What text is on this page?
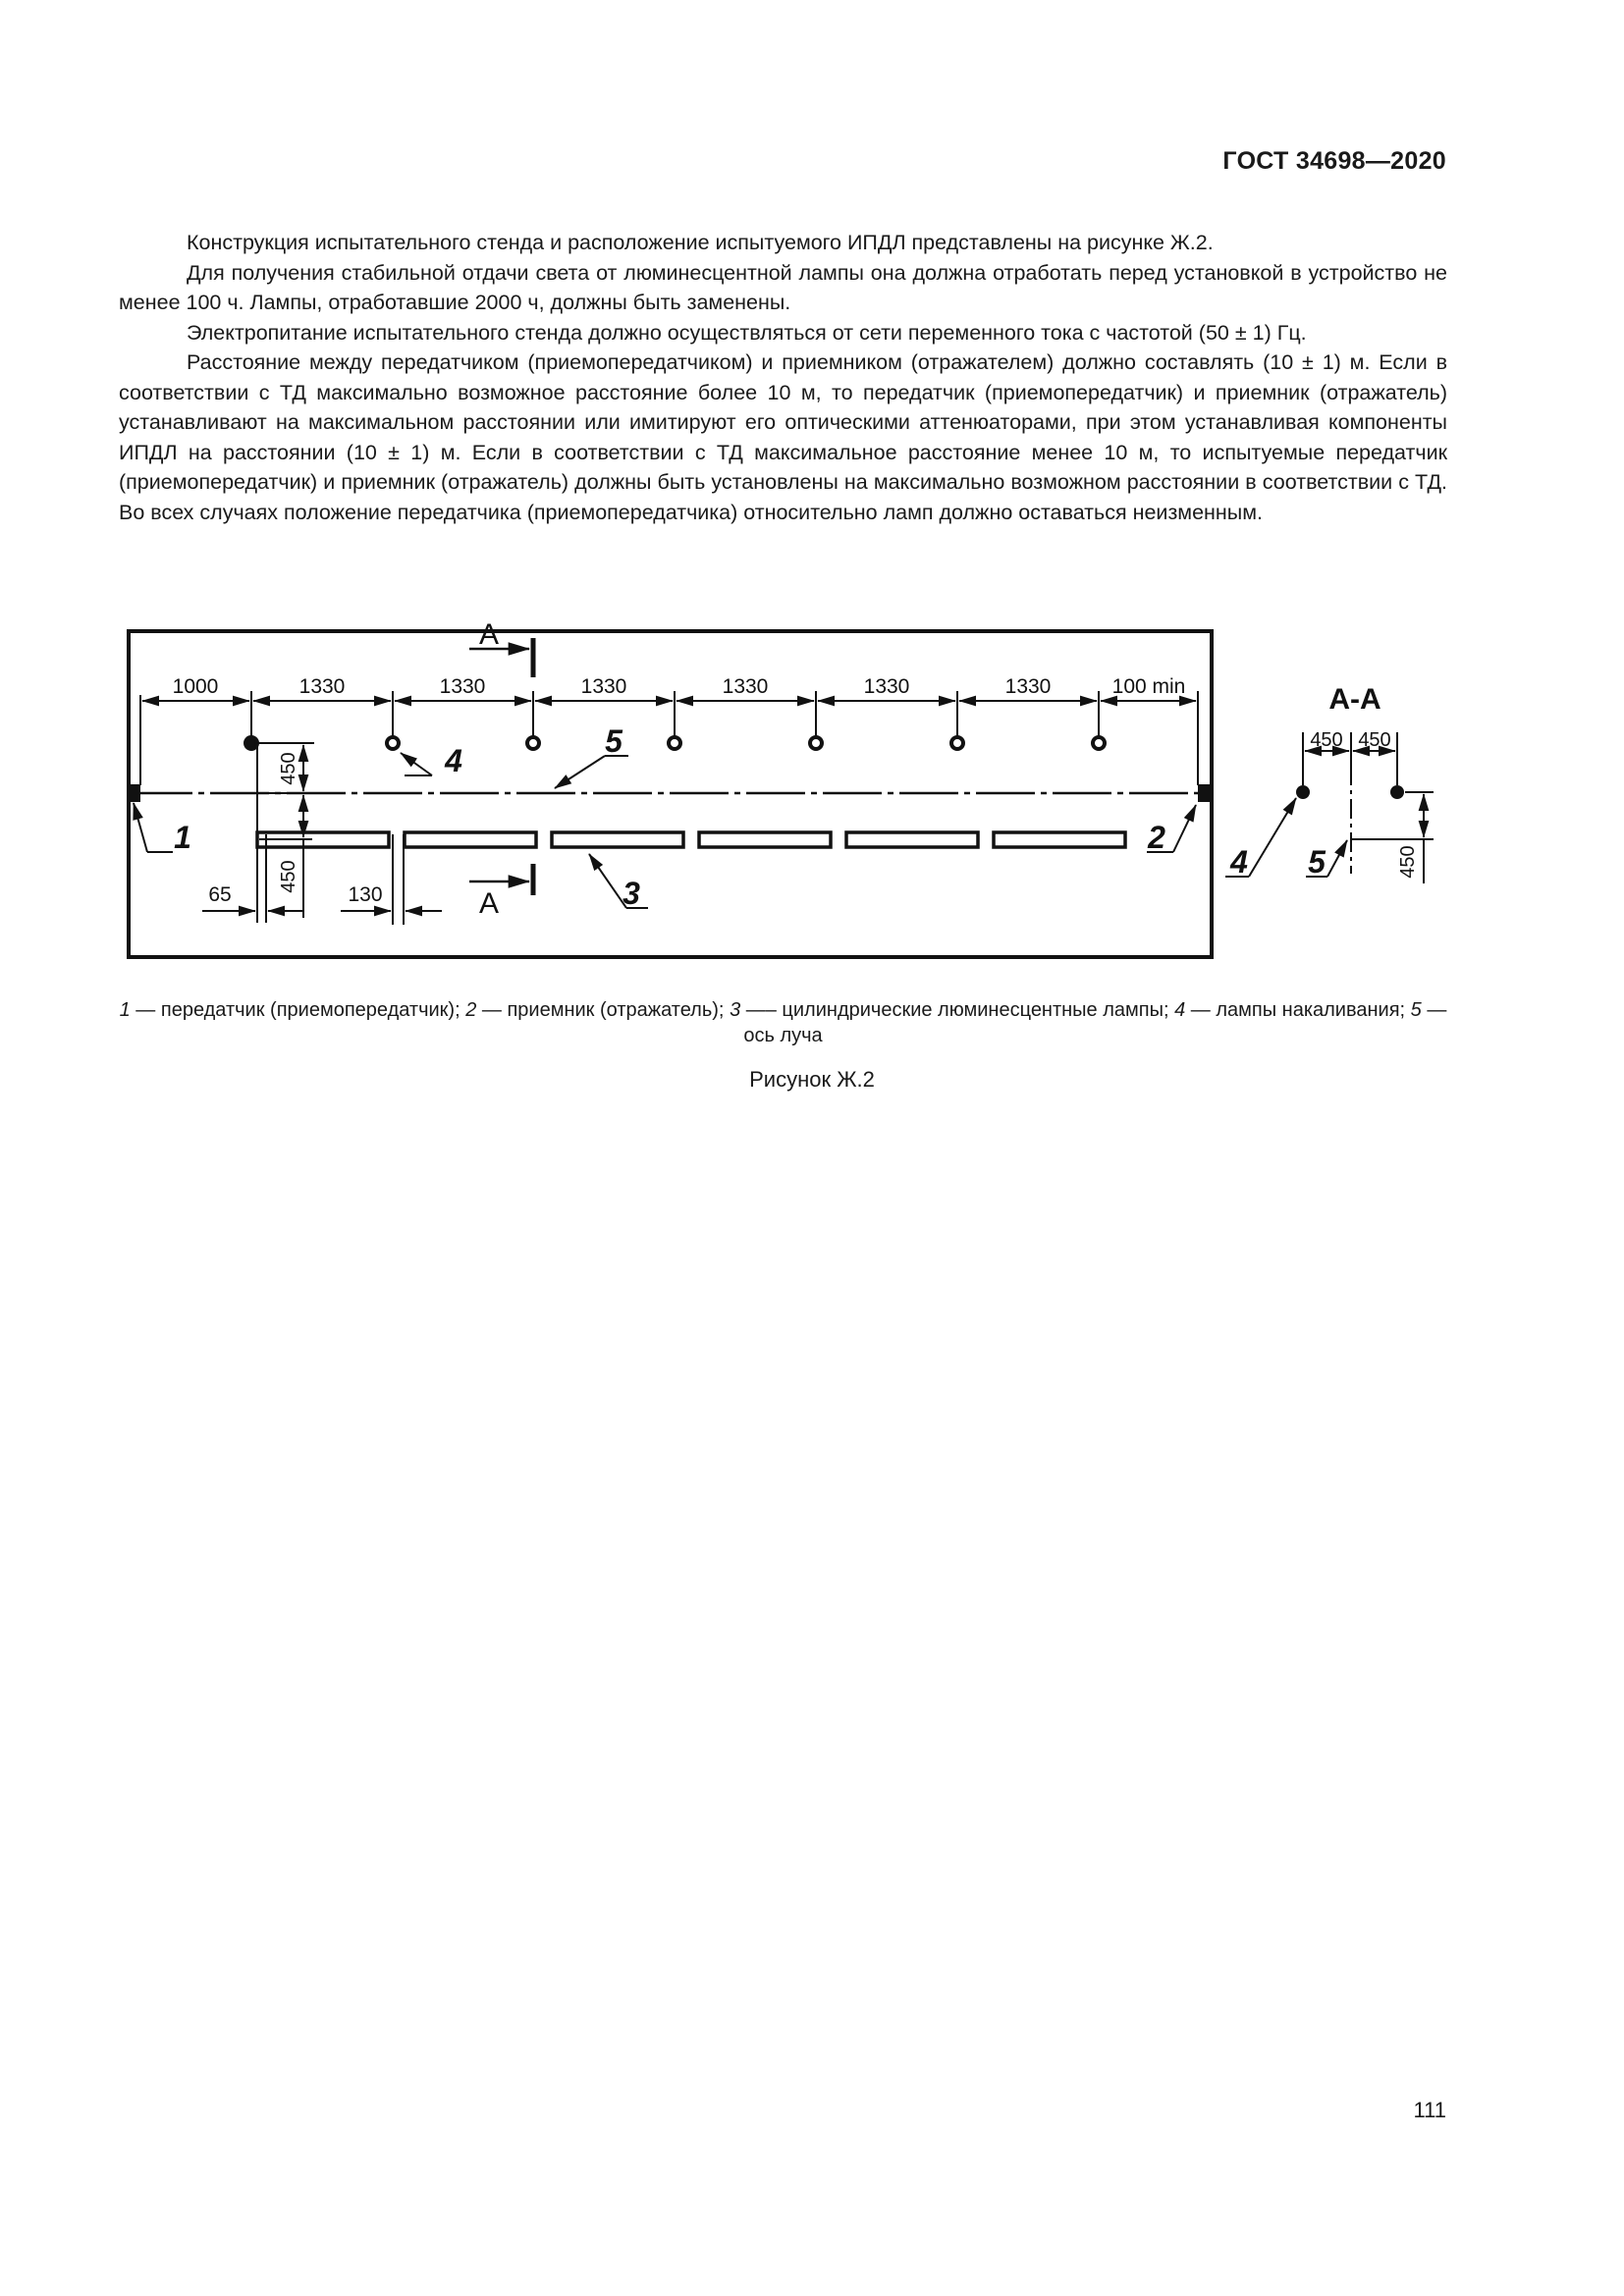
ГОСТ 34698—2020

Конструкция испытательного стенда и расположение испытуемого ИПДЛ представлены на рисунке Ж.2.

Для получения стабильной отдачи света от люминесцентной лампы она должна отработать перед установкой в устройство не менее 100 ч. Лампы, отработавшие 2000 ч, должны быть заменены.

Электропитание испытательного стенда должно осуществляться от сети переменного тока с частотой (50 ± 1) Гц.

Расстояние между передатчиком (приемопередатчиком) и приемником (отражателем) должно составлять (10 ± 1) м. Если в соответствии с ТД максимально возможное расстояние более 10 м, то передатчик (приемопередатчик) и приемник (отражатель) устанавливают на максимальном расстоянии или имитируют его оптическими аттенюаторами, при этом устанавливая компоненты ИПДЛ на расстоянии (10 ± 1) м. Если в соответствии с ТД максимальное расстояние менее 10 м, то испытуемые передатчик (приемопередатчик) и приемник (отражатель) должны быть установлены на максимально возможном расстоянии в соответствии с ТД. Во всех случаях положение передатчика (приемопередатчика) относительно ламп должно оставаться неизменным.

1000	1330	1330	1330	1330	1330	1330	100 min
А
А
450
450
65	130
1
4
5
3
2
А-А
450 450
450
4 5
1 — передатчик (приемопередатчик); 2 — приемник (отражатель); 3 —– цилиндрические люминесцентные лампы; 4 — лампы накаливания; 5 — ось луча
Рисунок Ж.2
111
